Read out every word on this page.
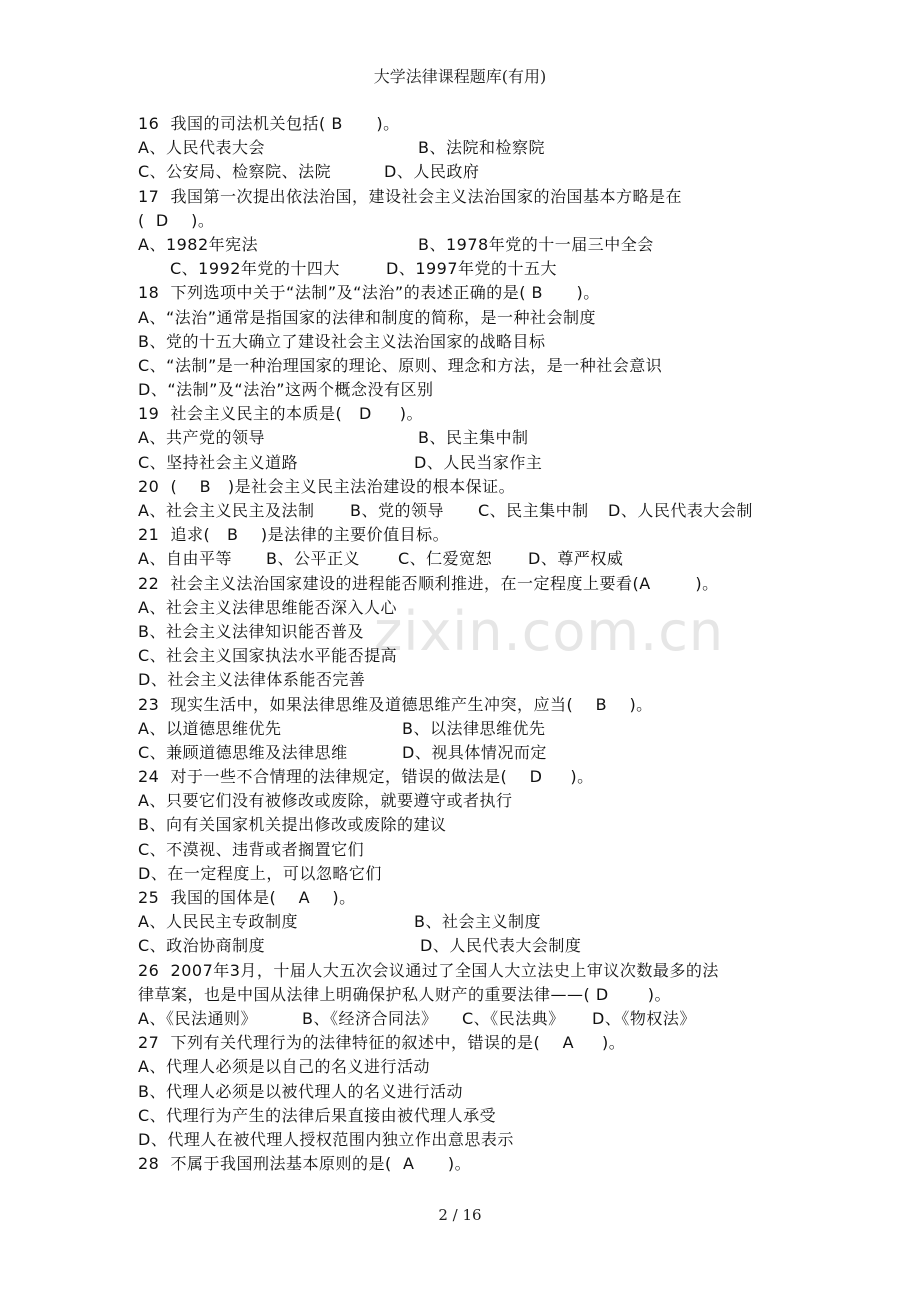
大学法律课程题库(有用)
zixin.com.cn
16  我国的司法机关包括( B      )。
A、人民代表大会	B、法院和检察院
C、公安局、检察院、法院	D、人民政府
17  我国第一次提出依法治国，建设社会主义法治国家的治国基本方略是在
(  D    )。
A、1982年宪法	B、1978年党的十一届三中全会
C、1992年党的十四大	D、1997年党的十五大
18  下列选项中关于“法制”及“法治”的表述正确的是( B      )。
A、“法治”通常是指国家的法律和制度的简称，是一种社会制度
B、党的十五大确立了建设社会主义法治国家的战略目标
C、“法制”是一种治理国家的理论、原则、理念和方法，是一种社会意识
D、“法制”及“法治”这两个概念没有区别
19  社会主义民主的本质是(   D     )。
A、共产党的领导	B、民主集中制
C、坚持社会主义道路	D、人民当家作主
20  (    B   )是社会主义民主法治建设的根本保证。
A、社会主义民主及法制 B、党的领导 C、民主集中制 D、人民代表大会制
21  追求(   B    )是法律的主要价值目标。
A、自由平等 B、公平正义 C、仁爱宽恕 D、尊严权威
22  社会主义法治国家建设的进程能否顺利推进，在一定程度上要看(A        )。
A、社会主义法律思维能否深入人心
B、社会主义法律知识能否普及
C、社会主义国家执法水平能否提高
D、社会主义法律体系能否完善
23  现实生活中，如果法律思维及道德思维产生冲突，应当(    B    )。
A、以道德思维优先	B、以法律思维优先
C、兼顾道德思维及法律思维	D、视具体情况而定
24  对于一些不合情理的法律规定，错误的做法是(    D     )。
A、只要它们没有被修改或废除，就要遵守或者执行
B、向有关国家机关提出修改或废除的建议
C、不漠视、违背或者搁置它们
D、在一定程度上，可以忽略它们
25  我国的国体是(    A    )。
A、人民民主专政制度	B、社会主义制度
C、政治协商制度	D、人民代表大会制度
26  2007年3月，十届人大五次会议通过了全国人大立法史上审议次数最多的法
律草案，也是中国从法律上明确保护私人财产的重要法律——( D       )。
A、《民法通则》	B、《经济合同法》 C、《民法典》 D、《物权法》
27  下列有关代理行为的法律特征的叙述中，错误的是(    A     )。
A、代理人必须是以自己的名义进行活动
B、代理人必须是以被代理人的名义进行活动
C、代理行为产生的法律后果直接由被代理人承受
D、代理人在被代理人授权范围内独立作出意思表示
28  不属于我国刑法基本原则的是(  A      )。
2 / 16
